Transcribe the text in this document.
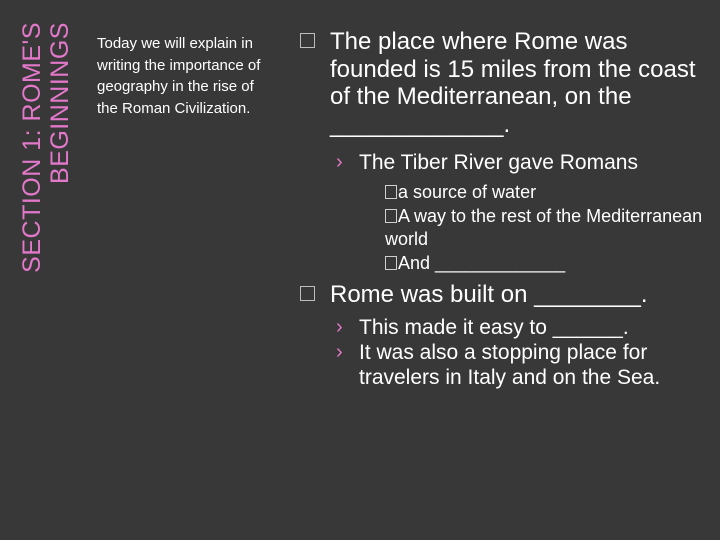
SECTION 1: ROME'S BEGINNINGS Today we will explain in writing the importance of geography in the rise of the Roman Civilization.
The place where Rome was founded is 15 miles from the coast of the Mediterranean, on the _____________.
› The Tiber River gave Romans
a source of water
A way to the rest of the Mediterranean world
And _____________
Rome was built on ________.
› This made it easy to ______.
› It was also a stopping place for travelers in Italy and on the Sea.
